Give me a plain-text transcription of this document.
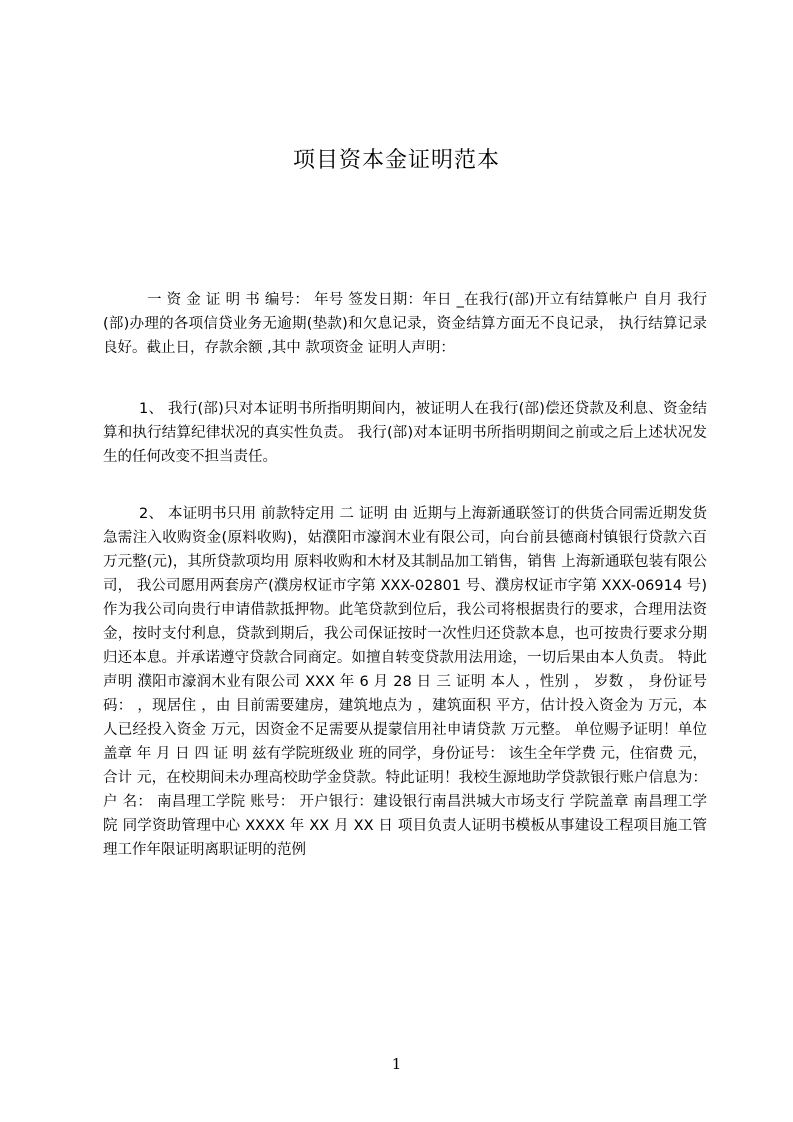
项目资本金证明范本

一 资 金 证 明 书 编号： 年号 签发日期：年日 _在我行(部)开立有结算帐户 自月 我行(部)办理的各项信贷业务无逾期(垫款)和欠息记录，资金结算方面无不良记录， 执行结算记录良好。截止日，存款余额 ,其中 款项资金 证明人声明：

1、 我行(部)只对本证明书所指明期间内，被证明人在我行(部)偿还贷款及利息、资金结算和执行结算纪律状况的真实性负责。 我行(部)对本证明书所指明期间之前或之后上述状况发生的任何改变不担当责任。

2、 本证明书只用 前款特定用 二 证明 由 近期与上海新通联签订的供货合同需近期发货急需注入收购资金(原料收购)，姑濮阳市濠润木业有限公司，向台前县德商村镇银行贷款六百万元整(元)，其所贷款项均用 原料收购和木材及其制品加工销售，销售 上海新通联包装有限公司， 我公司愿用两套房产(濮房权证市字第 XXX-02801 号、濮房权证市字第 XXX-06914 号)作为我公司向贵行申请借款抵押物。此笔贷款到位后，我公司将根据贵行的要求，合理用法资金，按时支付利息，贷款到期后，我公司保证按时一次性归还贷款本息，也可按贵行要求分期归还本息。并承诺遵守贷款合同商定。如擅自转变贷款用法用途，一切后果由本人负责。 特此声明 濮阳市濠润木业有限公司 XXX 年 6 月 28 日 三 证明 本人 ，性别 ， 岁数 ， 身份证号码： ，现居住 ，由 目前需要建房，建筑地点为 ，建筑面积 平方，估计投入资金为 万元，本人已经投入资金 万元，因资金不足需要从提蒙信用社申请贷款 万元整。 单位赐予证明！单位盖章 年 月 日 四 证 明 兹有学院班级业 班的同学，身份证号： 该生全年学费 元，住宿费 元，合计 元，在校期间未办理高校助学金贷款。特此证明！我校生源地助学贷款银行账户信息为： 户 名： 南昌理工学院 账号： 开户银行：建设银行南昌洪城大市场支行 学院盖章 南昌理工学院 同学资助管理中心 XXXX 年 XX 月 XX 日 项目负责人证明书模板从事建设工程项目施工管理工作年限证明离职证明的范例

1
